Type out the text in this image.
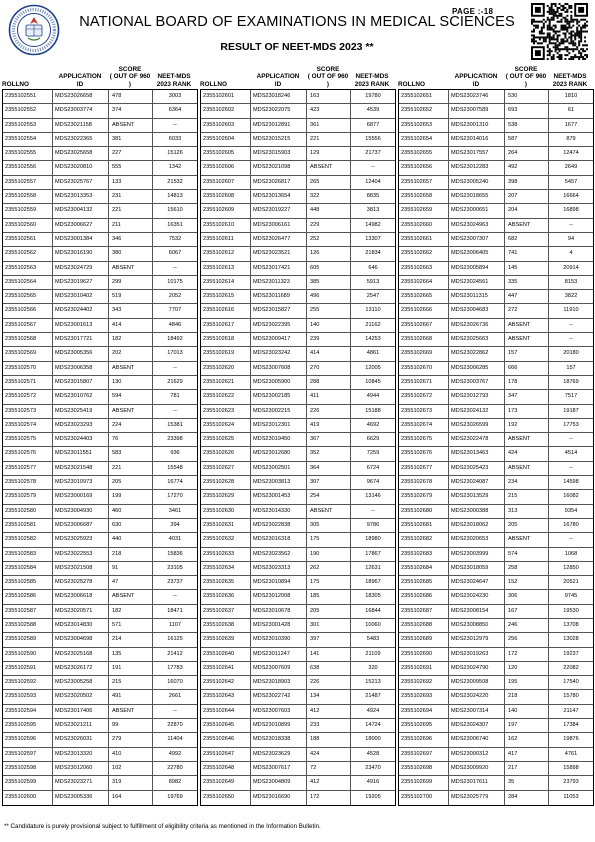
PAGE :-18
NATIONAL BOARD OF EXAMINATIONS IN MEDICAL SCIENCES
RESULT OF NEET-MDS 2023 **
ROLLNO
APPLICATION
ID
SCORE
( OUT OF 960 )
NEET-MDS
2023 RANK ROLLNO
APPLICATION
ID
SCORE
( OUT OF 960 )
NEET-MDS
2023 RANK ROLLNO
APPLICATION
ID
SCORE
( OUT OF 960 )
NEET-MDS
2023 RANK
2355102551	MDS23026658	478	3003
2355102552	MDS23003774	374	6364
2355102553	MDS23021158	ABSENT	--
2355102554	MDS23022365	381	6033
2355102555	MDS23025658	227	15126
2355102556	MDS23020810	555	1342
2355102557	MDS23025767	133	21532
2355102558	MDS23013353	231	14813
2355102559	MDS23004132	221	15610
2355102560	MDS23006627	211	16351
2355102561	MDS23001384	346	7532
2355102562	MDS23016190	380	6067
2355102563	MDS23024729	ABSENT	--
2355102564	MDS23019627	299	10175
2355102565	MDS23010402	519	2052
2355102566	MDS23024402	343	7707
2355102567	MDS23001613	414	4846
2355102568	MDS23017721	182	18492
2355102569	MDS23005356	202	17013
2355102570	MDS23006358	ABSENT	--
2355102571	MDS23015807	130	21629
2355102572	MDS23010762	594	781
2355102573	MDS23025419	ABSENT	--
2355102574	MDS23023293	224	15381
2355102575	MDS23024403	76	23398
2355102576	MDS23011551	583	936
2355102577	MDS23021548	221	15548
2355102578	MDS23010973	205	16774
2355102579	MDS23000169	199	17270
2355102580	MDS23004930	460	3461
2355102581	MDS23006687	630	394
2355102582	MDS23025923	440	4031
2355102583	MDS23022553	218	15836
2355102584	MDS23021508	91	23105
2355102585	MDS23025278	47	23737
2355102586	MDS23006618	ABSENT	--
2355102587	MDS23020571	182	18471
2355102588	MDS23014830	571	1107
2355102589	MDS23004698	214	16125
2355102590	MDS23025168	135	21412
2355102591	MDS23026172	191	17783
2355102592	MDS23005258	215	16070
2355102593	MDS23020502	491	2661
2355102594	MDS23017406	ABSENT	--
2355102595	MDS23021211	99	22870
2355102596	MDS23026031	279	11404
2355102597	MDS23013320	410	4992
2355102598	MDS23012060	102	22780
2355102599	MDS23023271	319	8982
2355102600	MDS23005336	164	19769
2355102601	MDS23018246	163	19780
2355102602	MDS23022075	423	4539
2355102603	MDS23012891	361	6877
2355102604	MDS23015215	221	15556
2355102605	MDS23015903	129	21737
2355102606	MDS23021098	ABSENT	--
2355102607	MDS23026817	265	12404
2355102608	MDS23013654	322	8835
2355102609	MDS23019227	448	3813
2355102610	MDS23006161	229	14982
2355102611	MDS23026477	252	13307
2355102612	MDS23023521	126	21834
2355102613	MDS23017421	605	646
2355102614	MDS23011323	385	5913
2355102615	MDS23011689	496	2547
2355102616	MDS23015827	255	13110
2355102617	MDS23022395	140	21162
2355102618	MDS23009417	239	14253
2355102619	MDS23023242	414	4861
2355102620	MDS23007608	270	12005
2355102621	MDS23005900	288	10845
2355102622	MDS23002185	411	4944
2355102623	MDS23002215	226	15188
2355102624	MDS23012301	419	4692
2355102625	MDS23019450	367	6629
2355102626	MDS23012680	352	7259
2355102627	MDS23002501	364	6724
2355102628	MDS23003813	307	9674
2355102629	MDS23001453	254	13146
2355102630	MDS23014330	ABSENT	--
2355102631	MDS23022838	305	9786
2355102632	MDS23016318	175	18980
2355102633	MDS23023562	190	17867
2355102634	MDS23023313	262	12631
2355102635	MDS23010894	175	18967
2355102636	MDS23012008	185	18305
2355102637	MDS23010678	205	16844
2355102638	MDS23001428	301	10060
2355102639	MDS23010390	397	5483
2355102640	MDS23011247	141	21109
2355102641	MDS23007609	638	320
2355102642	MDS23018903	226	15213
2355102643	MDS23022742	134	21487
2355102644	MDS23007603	412	4924
2355102645	MDS23010899	233	14724
2355102646	MDS23018338	188	18000
2355102647	MDS23023629	424	4528
2355102648	MDS23007617	72	23470
2355102649	MDS23004809	412	4916
2355102650	MDS23016690	172	19205
2355102651	MDS23023746	530	1810
2355102652	MDS23007589	693	61
2355102653	MDS23001310	538	1677
2355102654	MDS23014016	587	879
2355102655	MDS23017557	264	12474
2355102656	MDS23012283	492	2649
2355102657	MDS23005240	398	5457
2355102658	MDS23018655	207	16664
2355102659	MDS23000651	204	16898
2355102660	MDS23024963	ABSENT	--
2355102661	MDS23007307	682	94
2355102662	MDS23006405	741	4
2355102663	MDS23005894	145	20914
2355102664	MDS23024561	335	8153
2355102665	MDS23011315	447	3822
2355102666	MDS23004683	272	11910
2355102667	MDS23026736	ABSENT	--
2355102668	MDS23025663	ABSENT	--
2355102669	MDS23022862	157	20180
2355102670	MDS23006285	666	157
2355102671	MDS23003767	178	18769
2355102672	MDS23012793	347	7517
2355102673	MDS23024132	173	19187
2355102674	MDS23026599	192	17753
2355102675	MDS23022478	ABSENT	--
2355102676	MDS23013463	424	4514
2355102677	MDS23025423	ABSENT	--
2355102678	MDS23024087	234	14598
2355102679	MDS23013529	215	16082
2355102680	MDS23000388	313	9354
2355102681	MDS23018062	205	16780
2355102682	MDS23020653	ABSENT	--
2355102683	MDS23003999	574	1068
2355102684	MDS23018059	258	12850
2355102685	MDS23024647	152	20521
2355102686	MDS23024230	306	9745
2355102687	MDS23008154	167	19530
2355102688	MDS23008850	246	13708
2355102689	MDS23012979	256	13028
2355102690	MDS23019263	172	19237
2355102691	MDS23024790	120	22082
2355102692	MDS23009508	195	17540
2355102693	MDS23024220	218	15780
2355102694	MDS23007314	140	21147
2355102695	MDS23024307	197	17384
2355102696	MDS23006740	162	19876
2355102697	MDS23000312	417	4761
2355102698	MDS23009920	217	15898
2355102699	MDS23017611	35	23793
2355102700	MDS23025779	284	11053
** Candidature is purely provisional subject to fulfillment of eligibility criteria as mentioned in the Information Bulletin.
